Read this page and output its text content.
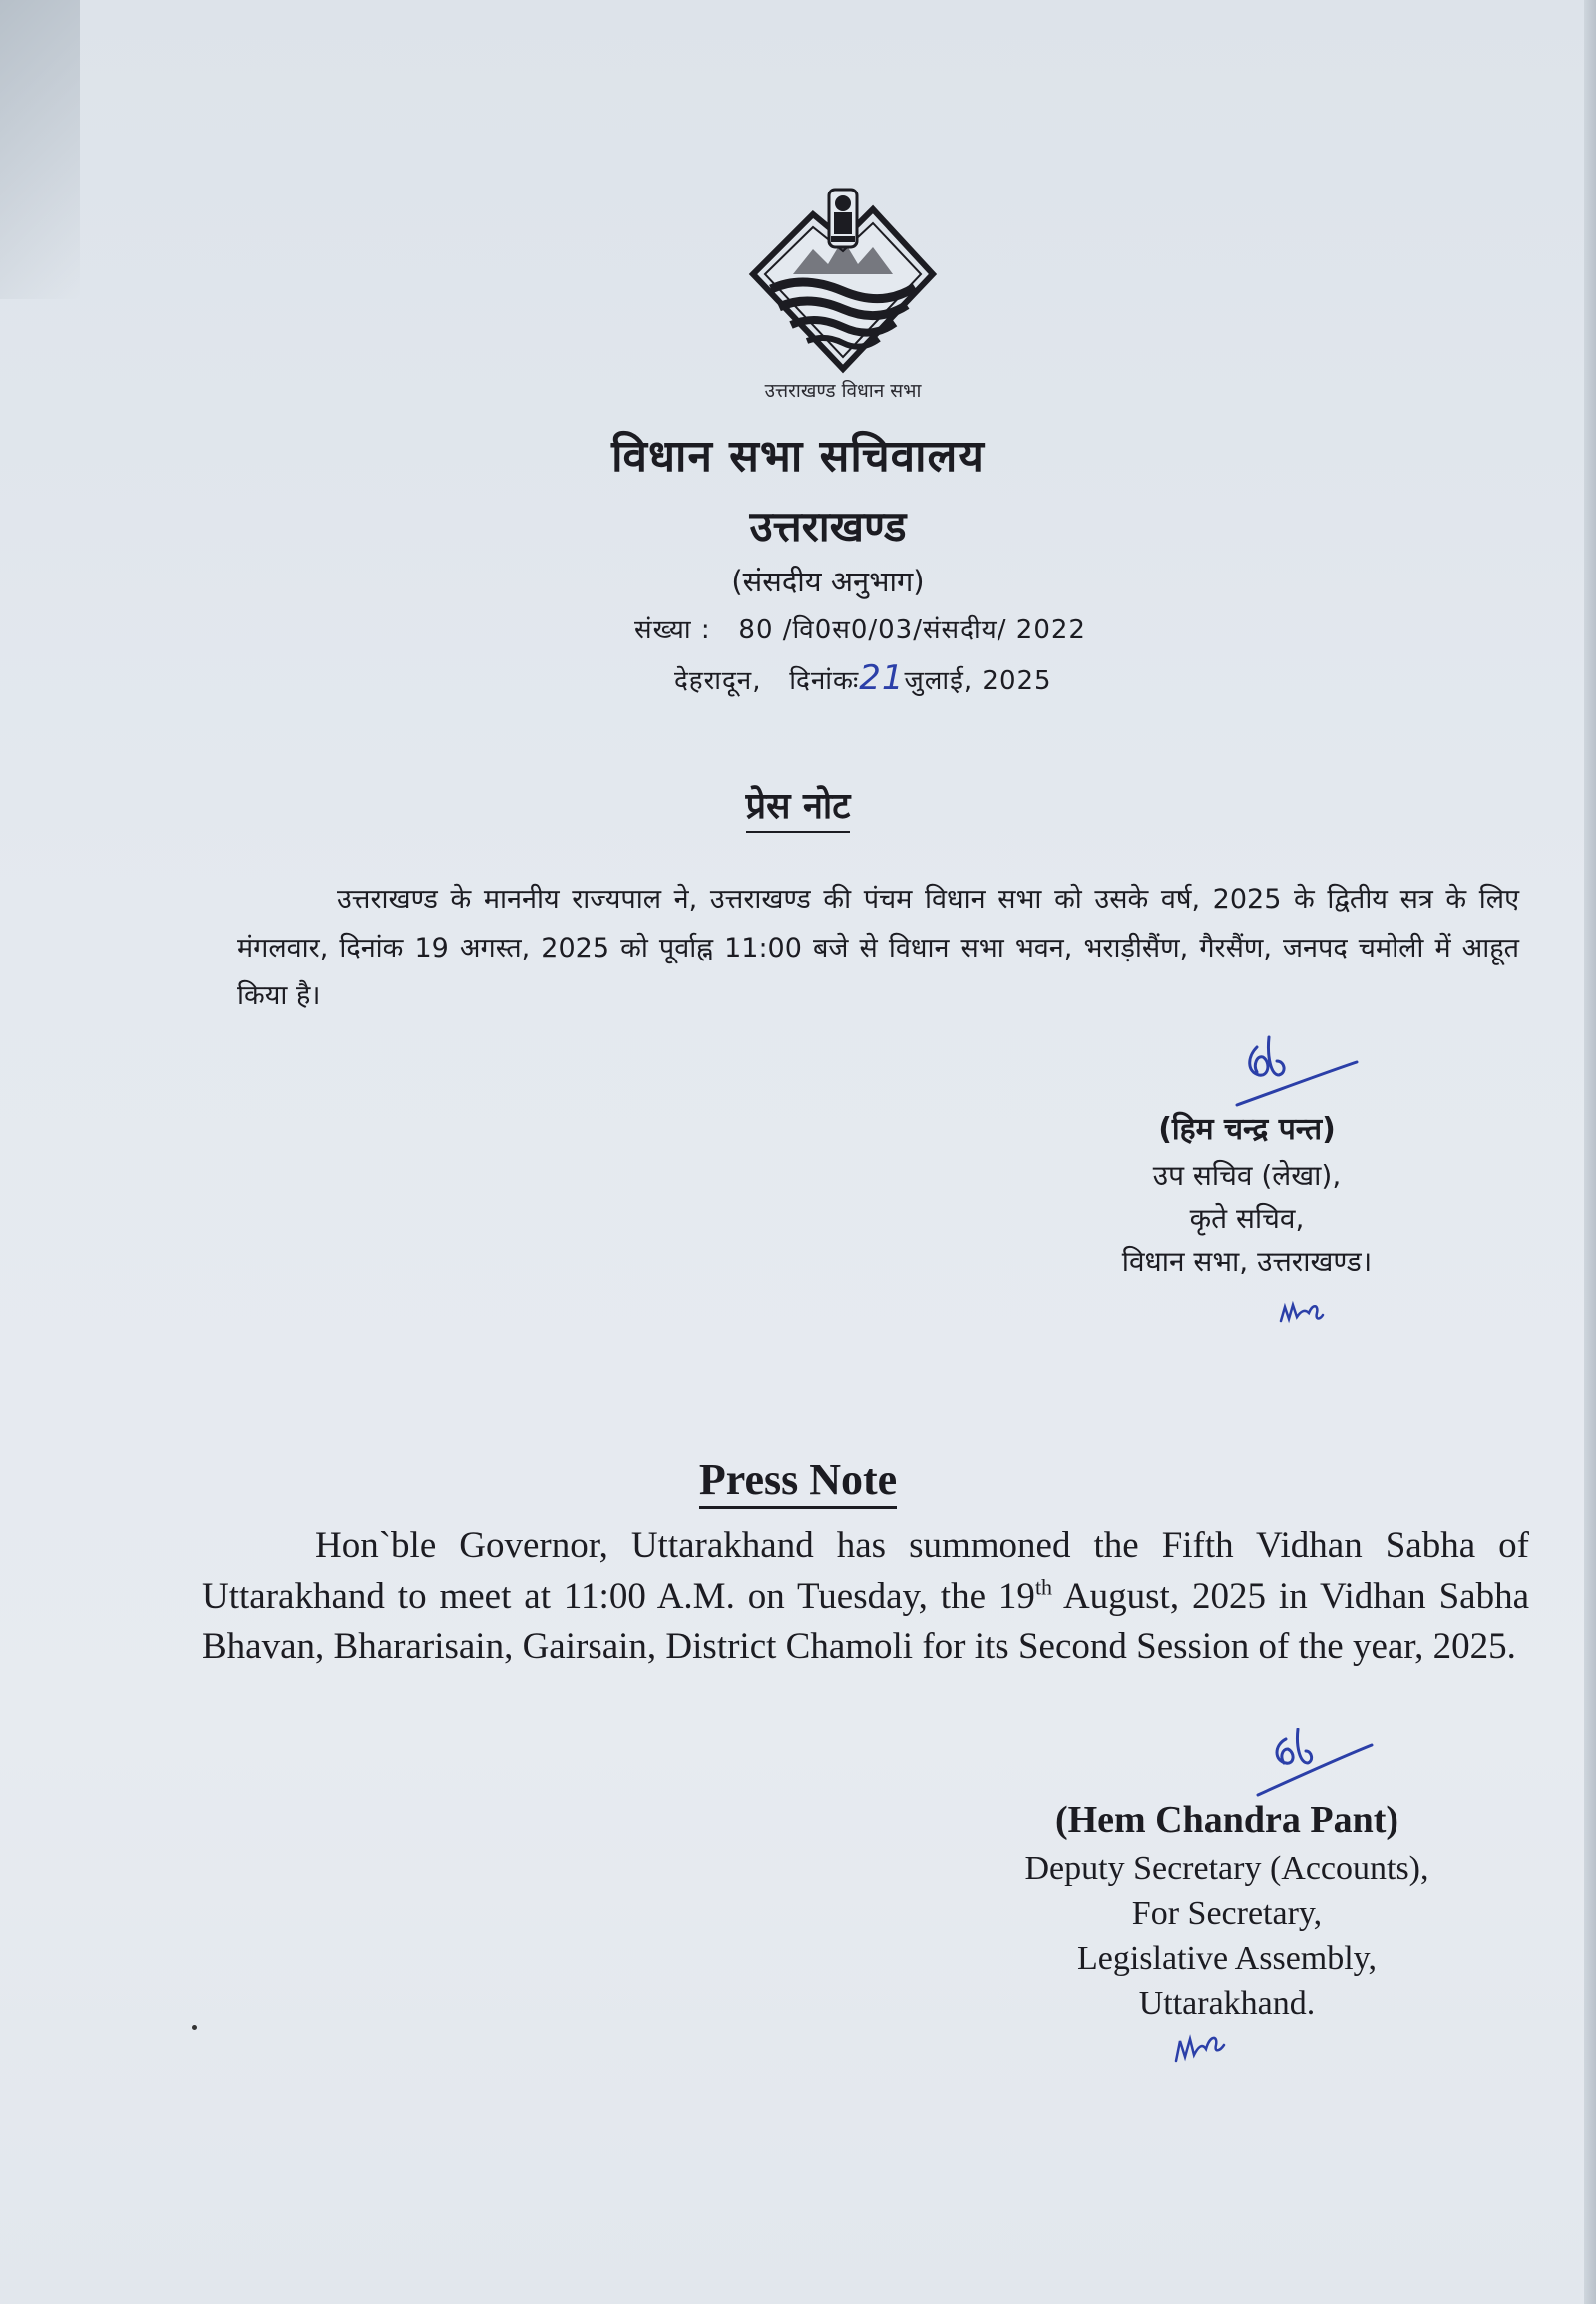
उत्तराखण्ड विधान सभा
विधान सभा सचिवालय
उत्तराखण्ड
(संसदीय अनुभाग)
संख्या : 80 /वि0स0/03/संसदीय/ 2022
देहरादून, दिनांकः21जुलाई, 2025
प्रेस नोट
उत्तराखण्ड के माननीय राज्यपाल ने, उत्तराखण्ड की पंचम विधान सभा को उसके वर्ष, 2025 के द्वितीय सत्र के लिए मंगलवार, दिनांक 19 अगस्त, 2025 को पूर्वाह्न 11:00 बजे से विधान सभा भवन, भराड़ीसैंण, गैरसैंण, जनपद चमोली में आहूत किया है।
(हिम चन्द्र पन्त)
उप सचिव (लेखा),
कृते सचिव,
विधान सभा, उत्तराखण्ड।
Press Note
Hon`ble Governor, Uttarakhand has summoned the Fifth Vidhan Sabha of Uttarakhand to meet at 11:00 A.M. on Tuesday, the 19th August, 2025 in Vidhan Sabha Bhavan, Bhararisain, Gairsain, District Chamoli for its Second Session of the year, 2025.
(Hem Chandra Pant)
Deputy Secretary (Accounts),
For Secretary,
Legislative Assembly,
Uttarakhand.
